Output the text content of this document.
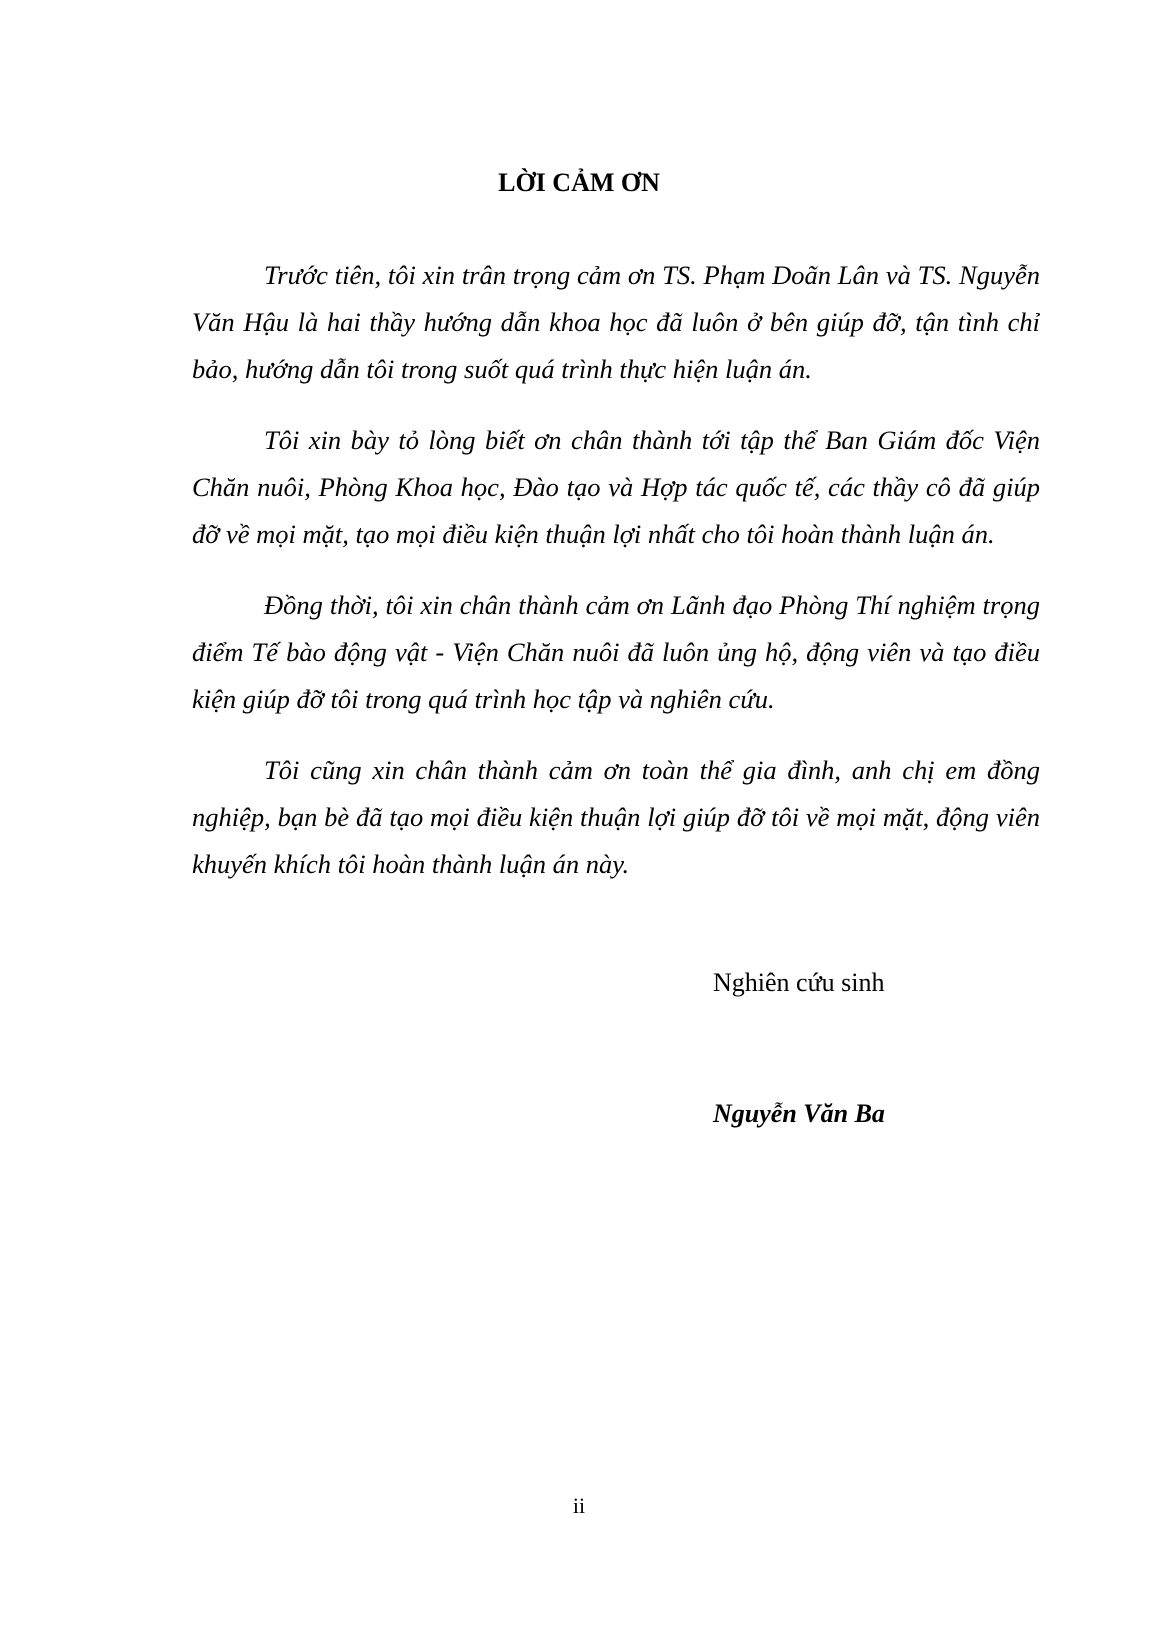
LỜI CẢM ƠN

Trước tiên, tôi xin trân trọng cảm ơn TS. Phạm Doãn Lân và TS. Nguyễn Văn Hậu là hai thầy hướng dẫn khoa học đã luôn ở bên giúp đỡ, tận tình chỉ bảo, hướng dẫn tôi trong suốt quá trình thực hiện luận án.

Tôi xin bày tỏ lòng biết ơn chân thành tới tập thể Ban Giám đốc Viện Chăn nuôi, Phòng Khoa học, Đào tạo và Hợp tác quốc tế, các thầy cô đã giúp đỡ về mọi mặt, tạo mọi điều kiện thuận lợi nhất cho tôi hoàn thành luận án.

Đồng thời, tôi xin chân thành cảm ơn Lãnh đạo Phòng Thí nghiệm trọng điểm Tế bào động vật - Viện Chăn nuôi đã luôn ủng hộ, động viên và tạo điều kiện giúp đỡ tôi trong quá trình học tập và nghiên cứu.

Tôi cũng xin chân thành cảm ơn toàn thể gia đình, anh chị em đồng nghiệp, bạn bè đã tạo mọi điều kiện thuận lợi giúp đỡ tôi về mọi mặt, động viên khuyến khích tôi hoàn thành luận án này.

Nghiên cứu sinh

Nguyễn Văn Ba

ii
